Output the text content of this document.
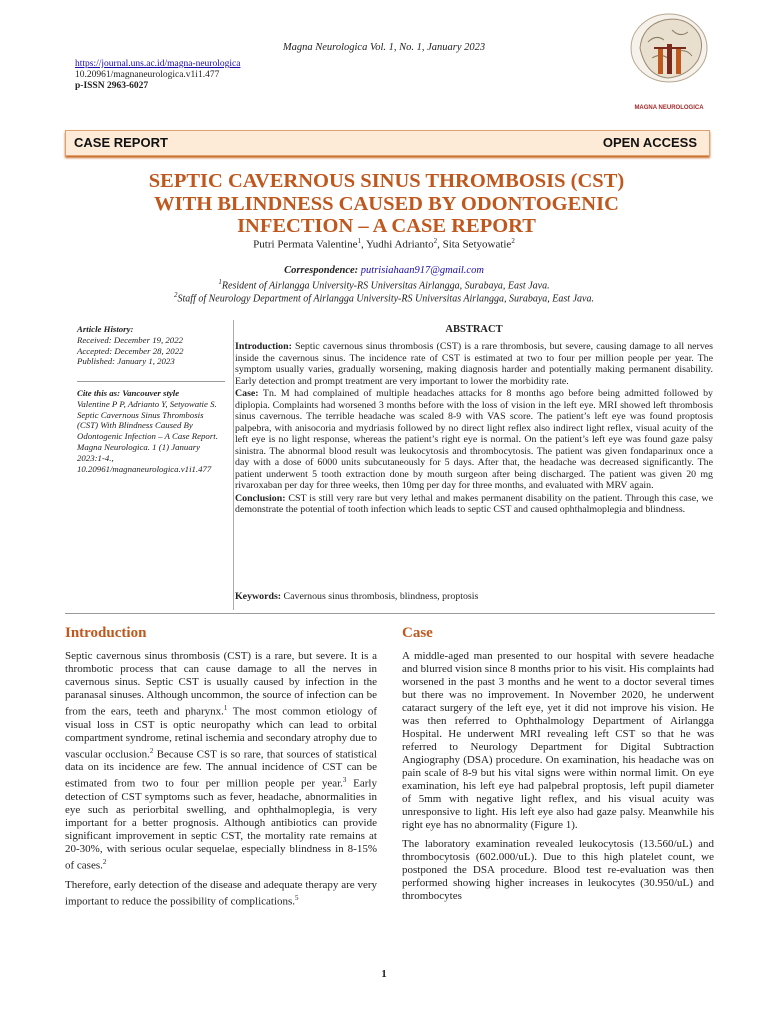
Magna Neurologica Vol. 1, No. 1, January 2023
https://journal.uns.ac.id/magna-neurologica
10.20961/magnaneurologica.v1i1.477
p-ISSN 2963-6027
MAGNA NEUROLOGICA
CASE REPORT	OPEN ACCESS
SEPTIC CAVERNOUS SINUS THROMBOSIS (CST)
WITH BLINDNESS CAUSED BY ODONTOGENIC
INFECTION – A CASE REPORT
Putri Permata Valentine$^1$, Yudhi Adrianto$^2$, Sita Setyowatie$^2$
Correspondence: putrisiahaan917@gmail.com
$^1$Resident of Airlangga University-RS Universitas Airlangga, Surabaya, East Java.
$^2$Staff of Neurology Department of Airlangga University-RS Universitas Airlangga, Surabaya, East Java.
Article History:
Received: December 19, 2022
Accepted: December 28, 2022
Published: January 1, 2023
Cite this as: Vancouver style
Valentine P P, Adrianto Y, Setyowatie S. Septic Cavernous Sinus Thrombosis (CST) With Blindness Caused By Odontogenic Infection – A Case Report. Magna Neurologica. 1 (1) January 2023:1-4., 10.20961/magnaneurologica.v1i1.477
ABSTRACT

Introduction: Septic cavernous sinus thrombosis (CST) is a rare thrombosis, but severe, causing damage to all nerves inside the cavernous sinus. The incidence rate of CST is estimated at two to four per million people per year. The symptom usually varies, gradually worsening, making diagnosis harder and potentially making permanent disability. Early detection and prompt treatment are very important to lower the morbidity rate.

Case: Tn. M had complained of multiple headaches attacks for 8 months ago before being admitted followed by diplopia. Complaints had worsened 3 months before with the loss of vision in the left eye. MRI showed left thrombosis sinus cavernous. The terrible headache was scaled 8-9 with VAS score. The patient’s left eye was found proptosis palpebra, with anisocoria and mydriasis followed by no direct light reflex also indirect light reflex, visual acuity of the left eye is no light response, whereas the patient’s right eye is normal. On the patient’s left eye was found gaze palsy sinistra. The abnormal blood result was leukocytosis and thrombocytosis. The patient was given fondaparinux once a day with a dose of 6000 units subcutaneously for 5 days. After that, the headache was decreased significantly. The patient underwent 5 tooth extraction done by mouth surgeon after being discharged. The patient was given 20 mg rivaroxaban per day for three weeks, then 10mg per day for three months, and evaluated with MRV again.

Conclusion: CST is still very rare but very lethal and makes permanent disability on the patient. Through this case, we demonstrate the potential of tooth infection which leads to septic CST and caused ophthalmoplegia and blindness.

Keywords: Cavernous sinus thrombosis, blindness, proptosis
Introduction

Septic cavernous sinus thrombosis (CST) is a rare, but severe. It is a thrombotic process that can cause damage to all the nerves in cavernous sinus. Septic CST is usually caused by infection in the paranasal sinuses. Although uncommon, the source of infection can be from the ears, teeth and pharynx.$^1$ The most common etiology of visual loss in CST is optic neuropathy which can lead to orbital compartment syndrome, retinal ischemia and secondary atrophy due to vascular occlusion.$^2$ Because CST is so rare, that sources of statistical data on its incidence are few. The annual incidence of CST can be estimated from two to four per million people per year.$^3$ Early detection of CST symptoms such as fever, headache, abnormalities in eye such as periorbital swelling, and ophthalmoplegia, is very important for a better prognosis. Although antibiotics can provide significant improvement in septic CST, the mortality rate remains at 20-30%, with serious ocular sequelae, especially blindness in 8-15% of cases.$^2$

Therefore, early detection of the disease and adequate therapy are very important to reduce the possibility of complications.$^5$

Case

A middle-aged man presented to our hospital with severe headache and blurred vision since 8 months prior to his visit. His complaints had worsened in the past 3 months and he went to a doctor several times but there was no improvement. In November 2020, he underwent cataract surgery of the left eye, yet it did not improve his vision. He was then referred to Ophthalmology Department of Airlangga Hospital. He underwent MRI revealing left CST so that he was referred to Neurology Department for Digital Subtraction Angiography (DSA) procedure. On examination, his headache was on pain scale of 8-9 but his vital signs were within normal limit. On eye examination, his left eye had palpebral proptosis, left pupil diameter of 5mm with negative light reflex, and his visual acuity was unresponsive to light. His left eye also had gaze palsy. Meanwhile his right eye has no abnormality (Figure 1).

The laboratory examination revealed leukocytosis (13.560/uL) and thrombocytosis (602.000/uL). Due to this high platelet count, we postponed the DSA procedure. Blood test re-evaluation was then performed showing higher increases in leukocytes (30.950/uL) and thrombocytes

1
